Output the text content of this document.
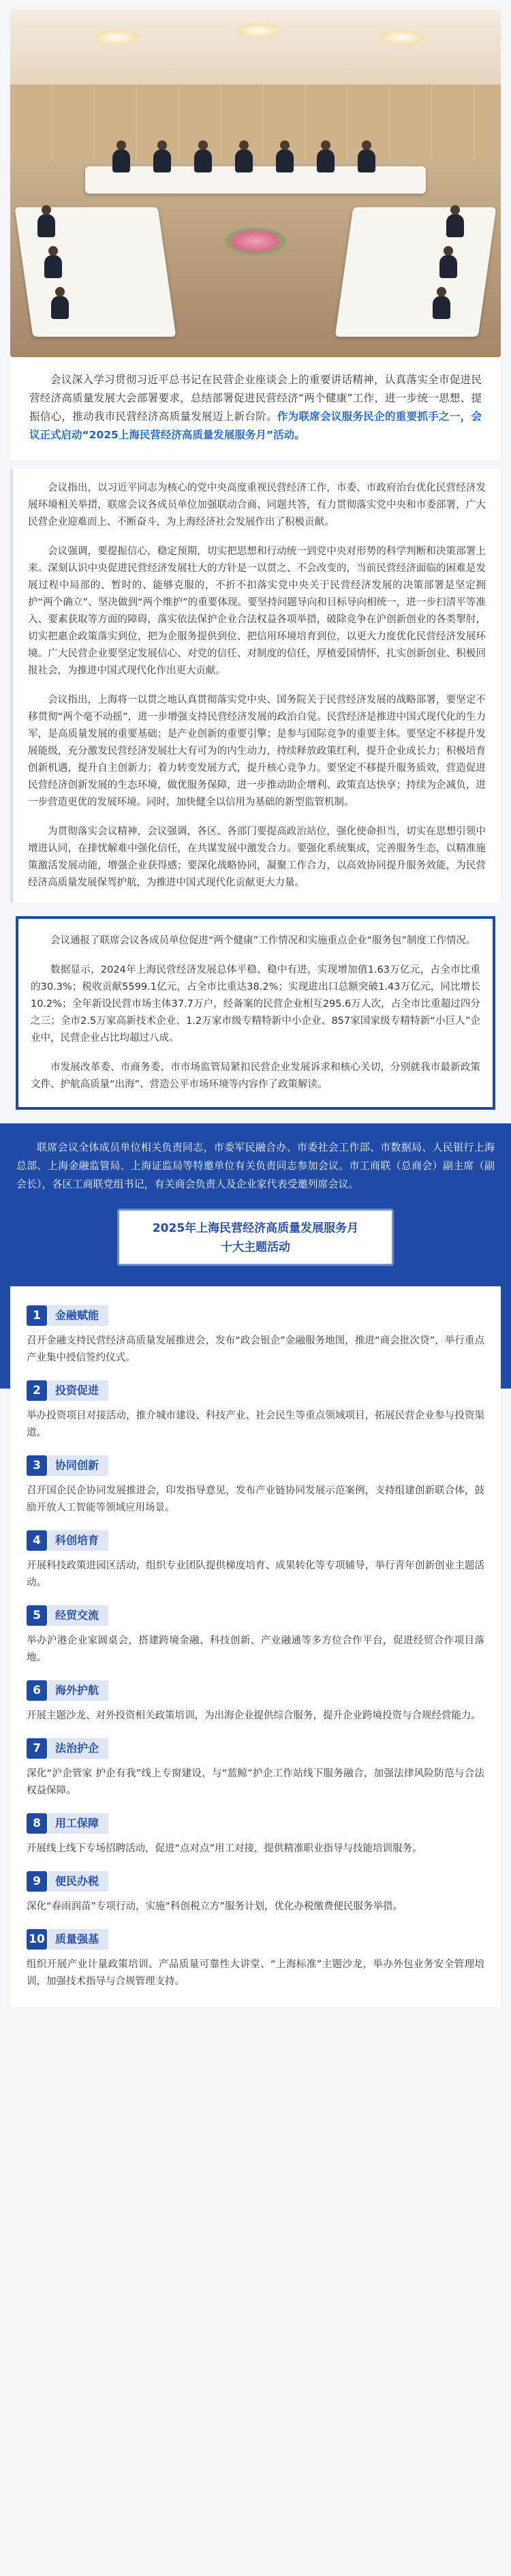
会议深入学习贯彻习近平总书记在民营企业座谈会上的重要讲话精神，认真落实全市促进民营经济高质量发展大会部署要求，总结部署促进民营经济“两个健康”工作，进一步统一思想、提振信心，推动我市民营经济高质量发展迈上新台阶。作为联席会议服务民企的重要抓手之一，会议正式启动“2025上海民营经济高质量发展服务月”活动。

会议指出，以习近平同志为核心的党中央高度重视民营经济工作，市委、市政府治台优化民营经济发展环境相关举措，联席会议各成员单位加强联动合商、同题共答，有力贯彻落实党中央和市委部署，广大民营企业迎难而上、不断奋斗，为上海经济社会发展作出了积极贡献。

会议强调，要提振信心，稳定预期，切实把思想和行动统一到党中央对形势的科学判断和决策部署上来。深刻认识中央促进民营经济发展壮大的方针是一以贯之、不会改变的，当前民营经济面临的困难是发展过程中局部的、暂时的、能够克服的，不折不扣落实党中央关于民营经济发展的决策部署是坚定拥护“两个确立”、坚决做到“两个维护”的重要体现。要坚持问题导向和目标导向相统一，进一步扫清平等准入、要素获取等方面的障碍，落实依法保护企业合法权益各项举措，破除竞争在沪创新创业的各类掣肘，切实把惠企政策落实到位，把为企服务提供到位、把信用环境培育到位，以更大力度优化民营经济发展环境。广大民营企业要坚定发展信心、对党的信任、对制度的信任，厚植爱国情怀，扎实创新创业、积极回报社会，为推进中国式现代化作出更大贡献。

会议指出，上海将一以贯之地认真贯彻落实党中央、国务院关于民营经济发展的战略部署，要坚定不移贯彻“两个毫不动摇”，进一步增强支持民营经济发展的政治自觉。民营经济是推进中国式现代化的生力军，是高质量发展的重要基础；是产业创新的重要引擎；是参与国际竞争的重要主体。要坚定不移提升发展能级，充分激发民营经济发展壮大有可为的内生动力，持续释放政策红利，提升企业成长力；积极培育创新机遇，提升自主创新力；着力转变发展方式，提升核心竞争力。要坚定不移提升服务质效，营造促进民营经济创新发展的生态环境，做优服务保障，进一步推动助企增利、政策直达快享；持续为企减负，进一步营造更优的发展环境。同时，加快健全以信用为基础的新型监管机制。

为贯彻落实会议精神，会议强调，各区、各部门要提高政治站位，强化使命担当，切实在思想引领中增进认同，在排忧解难中强化信任，在共谋发展中激发合力。要强化系统集成，完善服务生态，以精准施策激活发展动能，增强企业获得感；要深化战略协同，凝聚工作合力，以高效协同提升服务效能，为民营经济高质量发展保驾护航，为推进中国式现代化贡献更大力量。

会议通报了联席会议各成员单位促进“两个健康”工作情况和实施重点企业“服务包”制度工作情况。

数据显示，2024年上海民营经济发展总体平稳、稳中有进，实现增加值1.63万亿元，占全市比重的30.3%；税收贡献5599.1亿元，占全市比重达38.2%；实现进出口总额突破1.43万亿元，同比增长10.2%；全年新设民营市场主体37.7万户，经备案的民营企业相互295.6万人次，占全市比重超过四分之三；全市2.5万家高新技术企业、1.2万家市级专精特新中小企业、857家国家级专精特新“小巨人”企业中，民营企业占比均超过八成。

市发展改革委、市商务委、市市场监管局紧扣民营企业发展诉求和核心关切，分别就我市最新政策文件、护航高质量“出海”、营造公平市场环境等内容作了政策解读。

联席会议全体成员单位相关负责同志，市委军民融合办、市委社会工作部、市数据局、人民银行上海总部、上海金融监管局、上海证监局等特邀单位有关负责同志参加会议。市工商联（总商会）副主席（副会长），各区工商联党组书记，有关商会负责人及企业家代表受邀列席会议。

2025年上海民营经济高质量发展服务月
十大主题活动
1	金融赋能

召开金融支持民营经济高质量发展推进会，发布“政会银企”金融服务地图，推进“商会批次贷”，举行重点产业集中授信签约仪式。

2	投资促进

举办投资项目对接活动，推介城市建设、科技产业、社会民生等重点领域项目，拓展民营企业参与投资渠道。

3	协同创新

召开国企民企协同发展推进会，印发指导意见，发布产业链协同发展示范案例，支持组建创新联合体，鼓励开放人工智能等领域应用场景。

4	科创培育

开展科技政策进园区活动，组织专业团队提供梯度培育、成果转化等专项辅导，举行青年创新创业主题活动。

5	经贸交流

举办沪港企业家圆桌会，搭建跨境金融、科技创新、产业融通等多方位合作平台，促进经贸合作项目落地。

6	海外护航

开展主题沙龙、对外投资相关政策培训，为出海企业提供综合服务，提升企业跨境投资与合规经营能力。

7	法治护企

深化“沪企管家 护企有我”线上专窗建设，与“蓝鲸”护企工作站线下服务融合，加强法律风险防范与合法权益保障。

8	用工保障

开展线上线下专场招聘活动，促进“点对点”用工对接，提供精准职业指导与技能培训服务。

9	便民办税

深化“春雨润苗”专项行动，实施“科创税立方”服务计划，优化办税缴费便民服务举措。

10 质量强基

组织开展产业计量政策培训、产品质量可靠性大讲堂、“上海标准”主题沙龙，举办外包业务安全管理培训，加强技术指导与合规管理支持。
